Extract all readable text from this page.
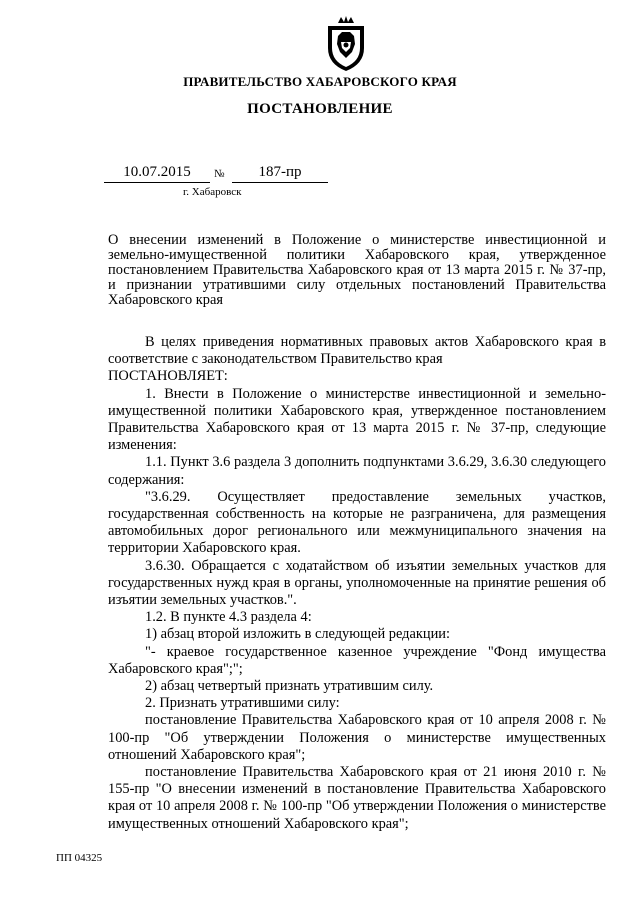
ПРАВИТЕЛЬСТВО ХАБАРОВСКОГО КРАЯ
ПОСТАНОВЛЕНИЕ
10.07.2015	№	187-пр
г. Хабаровск

О внесении изменений в Положение о министерстве инвестиционной и земельно-имущественной политики Хабаровского края, утвержденное постановлением Правительства Хабаровского края от 13 марта 2015 г. № 37-пр, и признании утратившими силу отдельных постановлений Правительства Хабаровского края

В целях приведения нормативных правовых актов Хабаровского края в соответствие с законодательством Правительство края

ПОСТАНОВЛЯЕТ:

1. Внести в Положение о министерстве инвестиционной и земельно-имущественной политики Хабаровского края, утвержденное постановлением Правительства Хабаровского края от 13 марта 2015 г. № 37-пр, следующие изменения:

1.1. Пункт 3.6 раздела 3 дополнить подпунктами 3.6.29, 3.6.30 следующего содержания:

"3.6.29. Осуществляет предоставление земельных участков, государственная собственность на которые не разграничена, для размещения автомобильных дорог регионального или межмуниципального значения на территории Хабаровского края.

3.6.30. Обращается с ходатайством об изъятии земельных участков для государственных нужд края в органы, уполномоченные на принятие решения об изъятии земельных участков.".

1.2. В пункте 4.3 раздела 4:

1) абзац второй изложить в следующей редакции:

"- краевое государственное казенное учреждение "Фонд имущества Хабаровского края";";

2) абзац четвертый признать утратившим силу.

2. Признать утратившими силу:

постановление Правительства Хабаровского края от 10 апреля 2008 г. № 100-пр "Об утверждении Положения о министерстве имущественных отношений Хабаровского края";

постановление Правительства Хабаровского края от 21 июня 2010 г. № 155-пр "О внесении изменений в постановление Правительства Хабаровского края от 10 апреля 2008 г. № 100-пр "Об утверждении Положения о министерстве имущественных отношений Хабаровского края";

ПП 04325
